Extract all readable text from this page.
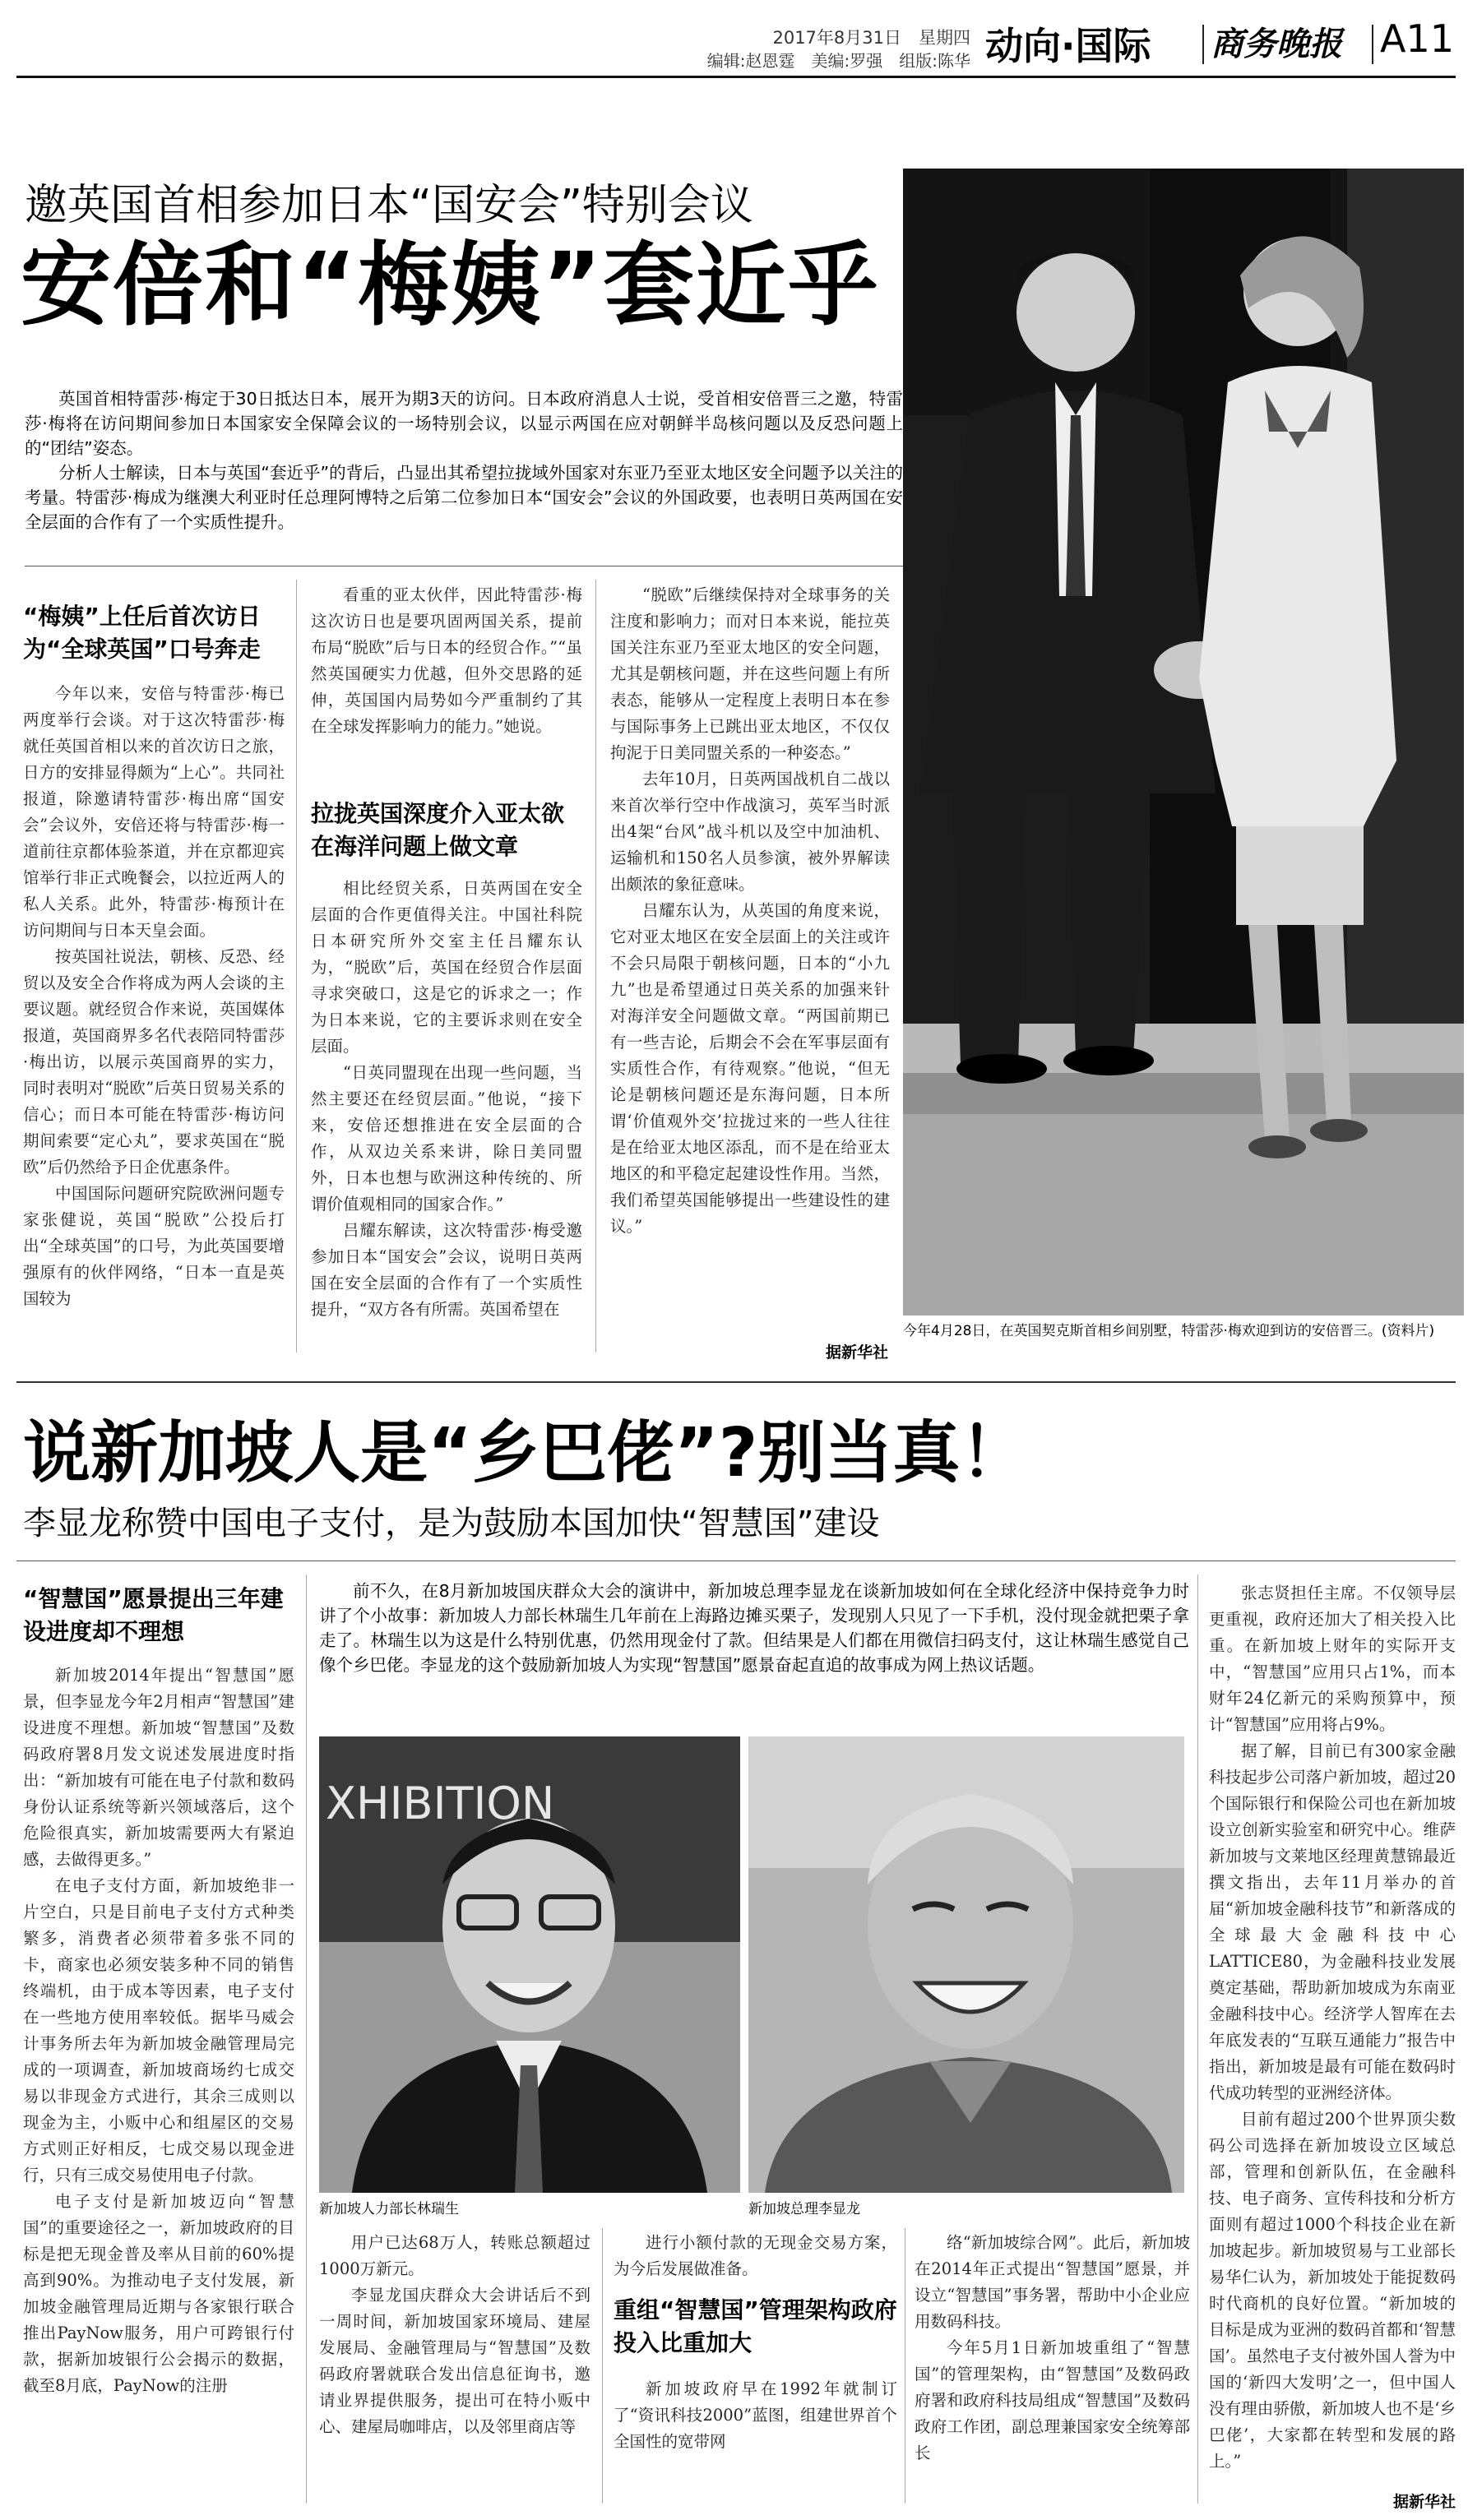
2017年8月31日　星期四
编辑:赵恩霆　美编:罗强　组版:陈华 动向·国际	商务晚报	A11
邀英国首相参加日本“国安会”特别会议
安倍和“梅姨”套近乎

英国首相特雷莎·梅定于30日抵达日本，展开为期3天的访问。日本政府消息人士说，受首相安倍晋三之邀，特雷莎·梅将在访问期间参加日本国家安全保障会议的一场特别会议，以显示两国在应对朝鲜半岛核问题以及反恐问题上的“团结”姿态。

分析人士解读，日本与英国“套近乎”的背后，凸显出其希望拉拢域外国家对东亚乃至亚太地区安全问题予以关注的考量。特雷莎·梅成为继澳大利亚时任总理阿博特之后第二位参加日本“国安会”会议的外国政要，也表明日英两国在安全层面的合作有了一个实质性提升。

“梅姨”上任后首次访日为“全球英国”口号奔走

今年以来，安倍与特雷莎·梅已两度举行会谈。对于这次特雷莎·梅就任英国首相以来的首次访日之旅，日方的安排显得颇为“上心”。共同社报道，除邀请特雷莎·梅出席“国安会”会议外，安倍还将与特雷莎·梅一道前往京都体验茶道，并在京都迎宾馆举行非正式晚餐会，以拉近两人的私人关系。此外，特雷莎·梅预计在访问期间与日本天皇会面。

按英国社说法，朝核、反恐、经贸以及安全合作将成为两人会谈的主要议题。就经贸合作来说，英国媒体报道，英国商界多名代表陪同特雷莎·梅出访，以展示英国商界的实力，同时表明对“脱欧”后英日贸易关系的信心；而日本可能在特雷莎·梅访问期间索要“定心丸”，要求英国在“脱欧”后仍然给予日企优惠条件。

中国国际问题研究院欧洲问题专家张健说，英国“脱欧”公投后打出“全球英国”的口号，为此英国要增强原有的伙伴网络，“日本一直是英国较为

看重的亚太伙伴，因此特雷莎·梅这次访日也是要巩固两国关系，提前布局“脱欧”后与日本的经贸合作。”“虽然英国硬实力优越，但外交思路的延伸，英国国内局势如今严重制约了其在全球发挥影响力的能力。”她说。

拉拢英国深度介入亚太欲在海洋问题上做文章

相比经贸关系，日英两国在安全层面的合作更值得关注。中国社科院日本研究所外交室主任吕耀东认为，“脱欧”后，英国在经贸合作层面寻求突破口，这是它的诉求之一；作为日本来说，它的主要诉求则在安全层面。

“日英同盟现在出现一些问题，当然主要还在经贸层面。”他说，“接下来，安倍还想推进在安全层面的合作，从双边关系来讲，除日美同盟外，日本也想与欧洲这种传统的、所谓价值观相同的国家合作。”

吕耀东解读，这次特雷莎·梅受邀参加日本“国安会”会议，说明日英两国在安全层面的合作有了一个实质性提升，“双方各有所需。英国希望在

“脱欧”后继续保持对全球事务的关注度和影响力；而对日本来说，能拉英国关注东亚乃至亚太地区的安全问题，尤其是朝核问题，并在这些问题上有所表态，能够从一定程度上表明日本在参与国际事务上已跳出亚太地区，不仅仅拘泥于日美同盟关系的一种姿态。”

去年10月，日英两国战机自二战以来首次举行空中作战演习，英军当时派出4架“台风”战斗机以及空中加油机、运输机和150名人员参演，被外界解读出颇浓的象征意味。

吕耀东认为，从英国的角度来说，它对亚太地区在安全层面上的关注或许不会只局限于朝核问题，日本的“小九九”也是希望通过日英关系的加强来针对海洋安全问题做文章。“两国前期已有一些吉论，后期会不会在军事层面有实质性合作，有待观察。”他说，“但无论是朝核问题还是东海问题，日本所谓‘价值观外交’拉拢过来的一些人往往是在给亚太地区添乱，而不是在给亚太地区的和平稳定起建设性作用。当然，我们希望英国能够提出一些建设性的建议。”

据新华社
今年4月28日，在英国契克斯首相乡间别墅，特雷莎·梅欢迎到访的安倍晋三。(资料片)
说新加坡人是“乡巴佬”?别当真！
李显龙称赞中国电子支付，是为鼓励本国加快“智慧国”建设
“智慧国”愿景提出三年建设进度却不理想

新加坡2014年提出“智慧国”愿景，但李显龙今年2月相声“智慧国”建设进度不理想。新加坡“智慧国”及数码政府署8月发文说述发展进度时指出：“新加坡有可能在电子付款和数码身份认证系统等新兴领域落后，这个危险很真实，新加坡需要两大有紧迫感，去做得更多。”

在电子支付方面，新加坡绝非一片空白，只是目前电子支付方式种类繁多，消费者必须带着多张不同的卡，商家也必须安装多种不同的销售终端机，由于成本等因素，电子支付在一些地方使用率较低。据毕马威会计事务所去年为新加坡金融管理局完成的一项调查，新加坡商场约七成交易以非现金方式进行，其余三成则以现金为主，小贩中心和组屋区的交易方式则正好相反，七成交易以现金进行，只有三成交易使用电子付款。

电子支付是新加坡迈向“智慧国”的重要途径之一，新加坡政府的目标是把无现金普及率从目前的60%提高到90%。为推动电子支付发展，新加坡金融管理局近期与各家银行联合推出PayNow服务，用户可跨银行付款，据新加坡银行公会揭示的数据，截至8月底，PayNow的注册

前不久，在8月新加坡国庆群众大会的演讲中，新加坡总理李显龙在谈新加坡如何在全球化经济中保持竞争力时讲了个小故事：新加坡人力部长林瑞生几年前在上海路边摊买栗子，发现别人只见了一下手机，没付现金就把栗子拿走了。林瑞生以为这是什么特别优惠，仍然用现金付了款。但结果是人们都在用微信扫码支付，这让林瑞生感觉自己像个乡巴佬。李显龙的这个鼓励新加坡人为实现“智慧国”愿景奋起直追的故事成为网上热议话题。

XHIBITION
新加坡人力部长林瑞生	新加坡总理李显龙

用户已达68万人，转账总额超过1000万新元。

李显龙国庆群众大会讲话后不到一周时间，新加坡国家环境局、建屋发展局、金融管理局与“智慧国”及数码政府署就联合发出信息征询书，邀请业界提供服务，提出可在特小贩中心、建屋局咖啡店，以及邻里商店等

进行小额付款的无现金交易方案，为今后发展做准备。

重组“智慧国”管理架构政府投入比重加大

新加坡政府早在1992年就制订了“资讯科技2000”蓝图，组建世界首个全国性的宽带网

络“新加坡综合网”。此后，新加坡在2014年正式提出“智慧国”愿景，并设立“智慧国”事务署，帮助中小企业应用数码科技。

今年5月1日新加坡重组了“智慧国”的管理架构，由“智慧国”及数码政府署和政府科技局组成“智慧国”及数码政府工作团，副总理兼国家安全统筹部长

张志贤担任主席。不仅领导层更重视，政府还加大了相关投入比重。在新加坡上财年的实际开支中，“智慧国”应用只占1%，而本财年24亿新元的采购预算中，预计“智慧国”应用将占9%。

据了解，目前已有300家金融科技起步公司落户新加坡，超过20个国际银行和保险公司也在新加坡设立创新实验室和研究中心。维萨新加坡与文莱地区经理黄慧锦最近撰文指出，去年11月举办的首届“新加坡金融科技节”和新落成的全球最大金融科技中心LATTICE80，为金融科技业发展奠定基础，帮助新加坡成为东南亚金融科技中心。经济学人智库在去年底发表的“互联互通能力”报告中指出，新加坡是最有可能在数码时代成功转型的亚洲经济体。

目前有超过200个世界顶尖数码公司选择在新加坡设立区域总部，管理和创新队伍，在金融科技、电子商务、宣传科技和分析方面则有超过1000个科技企业在新加坡起步。新加坡贸易与工业部长易华仁认为，新加坡处于能捉数码时代商机的良好位置。“新加坡的目标是成为亚洲的数码首都和‘智慧国’。虽然电子支付被外国人誉为中国的‘新四大发明’之一，但中国人没有理由骄傲，新加坡人也不是‘乡巴佬’，大家都在转型和发展的路上。”

据新华社
